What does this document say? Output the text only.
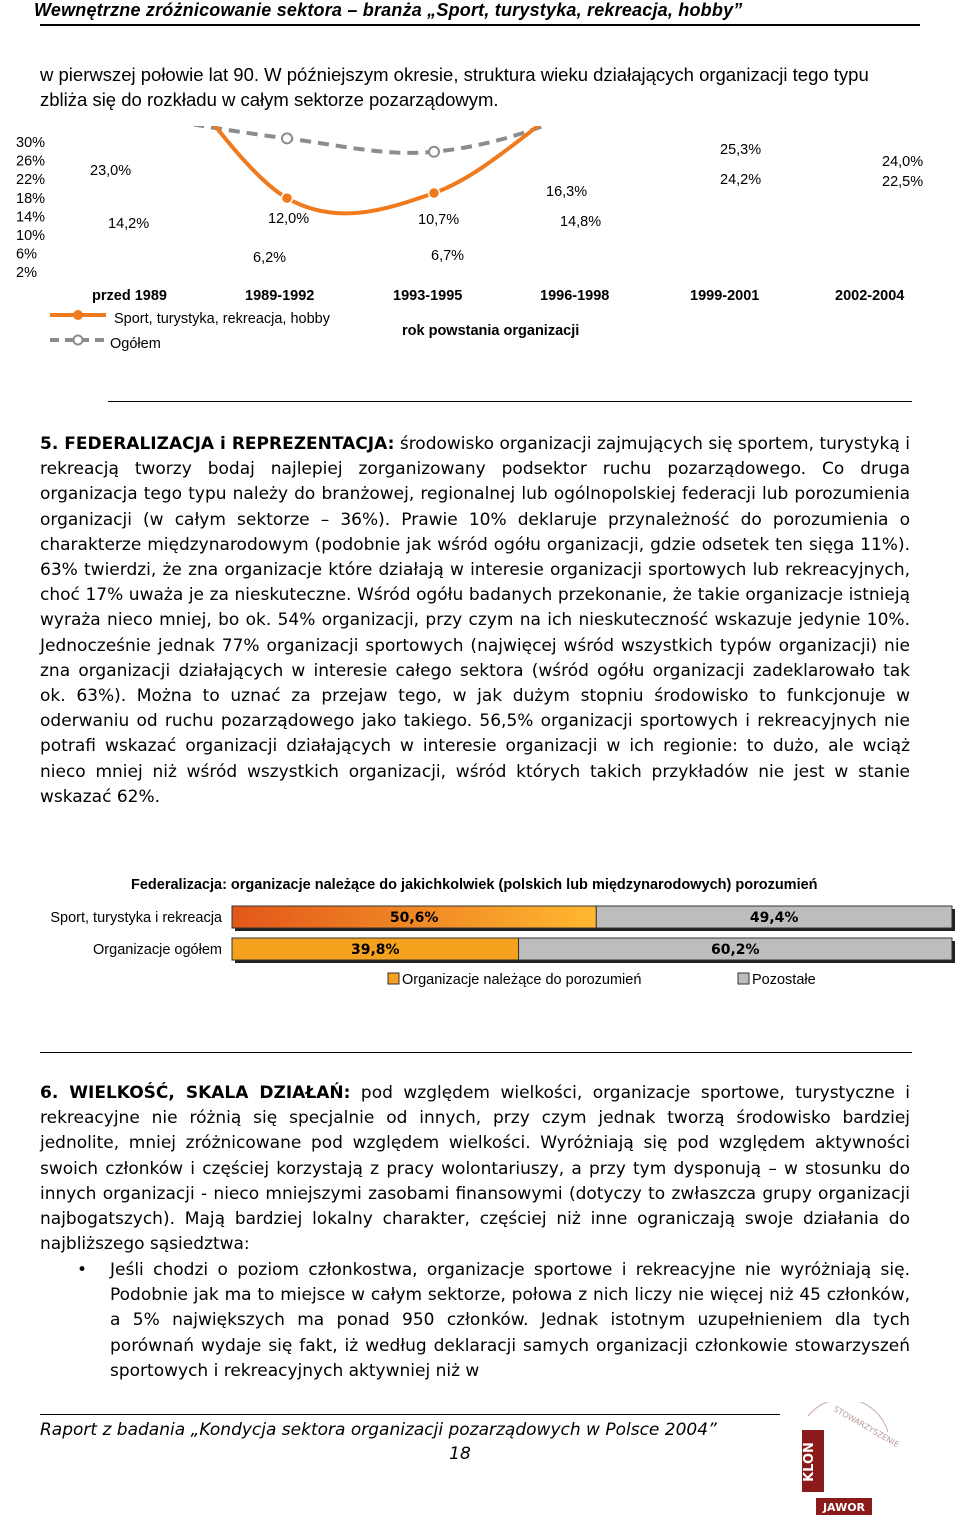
Wewnętrzne zróżnicowanie sektora – branża „Sport, turystyka, rekreacja, hobby”
w pierwszej połowie lat 90. W późniejszym okresie, struktura wieku działających organizacji tego typu zbliża się do rozkładu w całym sektorze pozarządowym.
30%
26%
22%
18%
14%
10%
6%
2%
14,2%	12,0%	10,7%	14,8%
24,2%	22,5%
23,0%
6,2%	6,7%
16,3%
25,3%
24,0%
przed 1989	1989-1992	1993-1995	1996-1998	1999-2001	2002-2004
rok powstania organizacji
Sport, turystyka, rekreacja, hobby
Ogółem
5. FEDERALIZACJA i REPREZENTACJA: środowisko organizacji zajmujących się sportem, turystyką i rekreacją tworzy bodaj najlepiej zorganizowany podsektor ruchu pozarządowego. Co druga organizacja tego typu należy do branżowej, regionalnej lub ogólnopolskiej federacji lub porozumienia organizacji (w całym sektorze – 36%). Prawie 10% deklaruje przynależność do porozumienia o charakterze międzynarodowym (podobnie jak wśród ogółu organizacji, gdzie odsetek ten sięga 11%). 63% twierdzi, że zna organizacje które działają w interesie organizacji sportowych lub rekreacyjnych, choć 17% uważa je za nieskuteczne. Wśród ogółu badanych przekonanie, że takie organizacje istnieją wyraża nieco mniej, bo ok. 54% organizacji, przy czym na ich nieskuteczność wskazuje jedynie 10%. Jednocześnie jednak 77% organizacji sportowych (najwięcej wśród wszystkich typów organizacji) nie zna organizacji działających w interesie całego sektora (wśród ogółu organizacji zadeklarowało tak ok. 63%). Można to uznać za przejaw tego, w jak dużym stopniu środowisko to funkcjonuje w oderwaniu od ruchu pozarządowego jako takiego. 56,5% organizacji sportowych i rekreacyjnych nie potrafi wskazać organizacji działających w interesie organizacji w ich regionie: to dużo, ale wciąż nieco mniej niż wśród wszystkich organizacji, wśród których takich przykładów nie jest w stanie wskazać 62%.
Federalizacja: organizacje należące do jakichkolwiek (polskich lub międzynarodowych) porozumień
Sport, turystyka i rekreacja	50,6%	49,4%
Organizacje ogółem	39,8%	60,2%
Organizacje należące do porozumień	Pozostałe
6. WIELKOŚĆ, SKALA DZIAŁAŃ: pod względem wielkości, organizacje sportowe, turystyczne i rekreacyjne nie różnią się specjalnie od innych, przy czym jednak tworzą środowisko bardziej jednolite, mniej zróżnicowane pod względem wielkości. Wyróżniają się pod względem aktywności swoich członków i częściej korzystają z pracy wolontariuszy, a przy tym dysponują – w stosunku do innych organizacji - nieco mniejszymi zasobami finansowymi (dotyczy to zwłaszcza grupy organizacji najbogatszych). Mają bardziej lokalny charakter, częściej niż inne ograniczają swoje działania do najbliższego sąsiedztwa:
• Jeśli chodzi o poziom członkostwa, organizacje sportowe i rekreacyjne nie wyróżniają się. Podobnie jak ma to miejsce w całym sektorze, połowa z nich liczy nie więcej niż 45 członków, a 5% największych ma ponad 950 członków. Jednak istotnym uzupełnieniem dla tych porównań wydaje się fakt, iż według deklaracji samych organizacji członkowie stowarzyszeń sportowych i rekreacyjnych aktywniej niż w
Raport z badania „Kondycja sektora organizacji pozarządowych w Polsce 2004”
18
STOWARZYSZENIE
KLON
JAWOR
